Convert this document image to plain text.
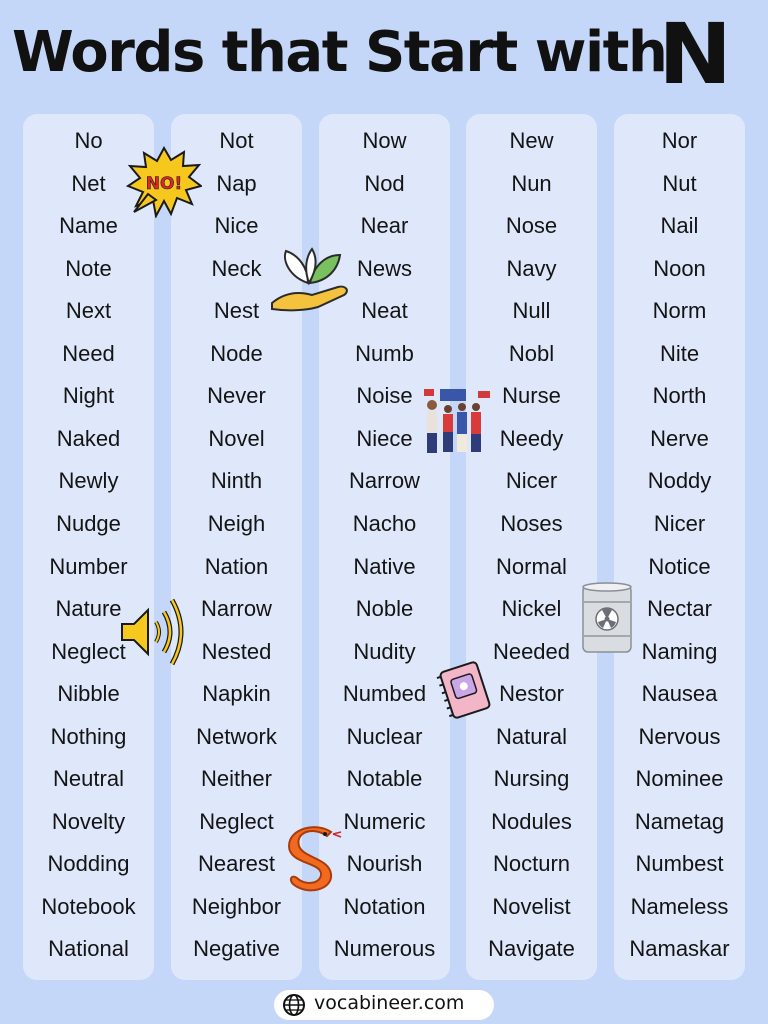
Words that Start with
N
No
Net
Name
Note
Next
Need
Night
Naked
Newly
Nudge
Number
Nature
Neglect
Nibble
Nothing
Neutral
Novelty
Nodding
Notebook
National
Not
Nap
Nice
Neck
Nest
Node
Never
Novel
Ninth
Neigh
Nation
Narrow
Nested
Napkin
Network
Neither
Neglect
Nearest
Neighbor
Negative
Now
Nod
Near
News
Neat
Numb
Noise
Niece
Narrow
Nacho
Native
Noble
Nudity
Numbed
Nuclear
Notable
Numeric
Nourish
Notation
Numerous
New
Nun
Nose
Navy
Null
Nobl
Nurse
Needy
Nicer
Noses
Normal
Nickel
Needed
Nestor
Natural
Nursing
Nodules
Nocturn
Novelist
Navigate
Nor
Nut
Nail
Noon
Norm
Nite
North
Nerve
Noddy
Nicer
Notice
Nectar
Naming
Nausea
Nervous
Nominee
Nametag
Numbest
Nameless
Namaskar
NO!
vocabineer.com
